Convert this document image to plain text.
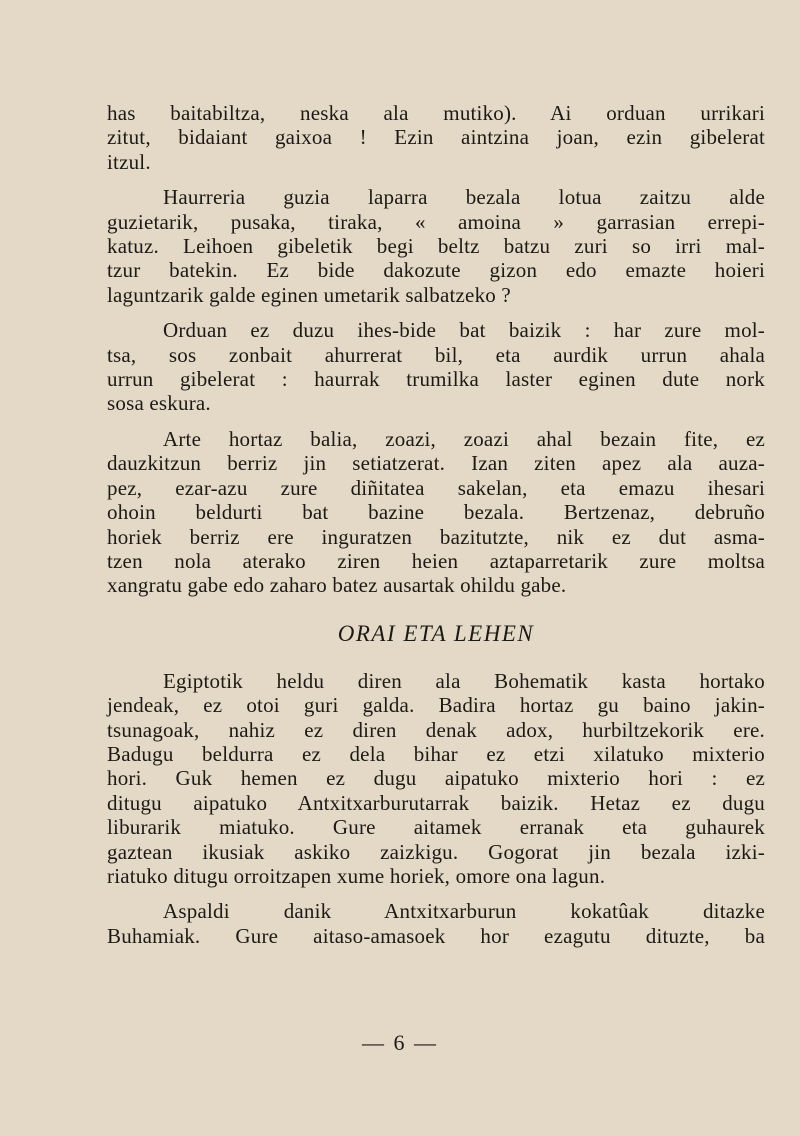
has baitabiltza, neska ala mutiko). Ai orduan urrikari
zitut, bidaiant gaixoa ! Ezin aintzina joan, ezin gibelerat
itzul.

Haurreria guzia laparra bezala lotua zaitzu alde
guzietarik, pusaka, tiraka, « amoina » garrasian errepi-
katuz. Leihoen gibeletik begi beltz batzu zuri so irri mal-
tzur batekin. Ez bide dakozute gizon edo emazte hoieri
laguntzarik galde eginen umetarik salbatzeko ?

Orduan ez duzu ihes-bide bat baizik : har zure mol-
tsa, sos zonbait ahurrerat bil, eta aurdik urrun ahala
urrun gibelerat : haurrak trumilka laster eginen dute nork
sosa eskura.

Arte hortaz balia, zoazi, zoazi ahal bezain fite, ez
dauzkitzun berriz jin setiatzerat. Izan ziten apez ala auza-
pez, ezar-azu zure diñitatea sakelan, eta emazu ihesari
ohoin beldurti bat bazine bezala. Bertzenaz, debruño
horiek berriz ere inguratzen bazitutzte, nik ez dut asma-
tzen nola aterako ziren heien aztaparretarik zure moltsa
xangratu gabe edo zaharo batez ausartak ohildu gabe.

ORAI ETA LEHEN

Egiptotik heldu diren ala Bohematik kasta hortako
jendeak, ez otoi guri galda. Badira hortaz gu baino jakin-
tsunagoak, nahiz ez diren denak adox, hurbiltzekorik ere.
Badugu beldurra ez dela bihar ez etzi xilatuko mixterio
hori. Guk hemen ez dugu aipatuko mixterio hori : ez
ditugu aipatuko Antxitxarburutarrak baizik. Hetaz ez dugu
liburarik miatuko. Gure aitamek erranak eta guhaurek
gaztean ikusiak askiko zaizkigu. Gogorat jin bezala izki-
riatuko ditugu orroitzapen xume horiek, omore ona lagun.

Aspaldi danik Antxitxarburun kokatûak ditazke
Buhamiak. Gure aitaso-amasoek hor ezagutu dituzte, ba

— 6 —
